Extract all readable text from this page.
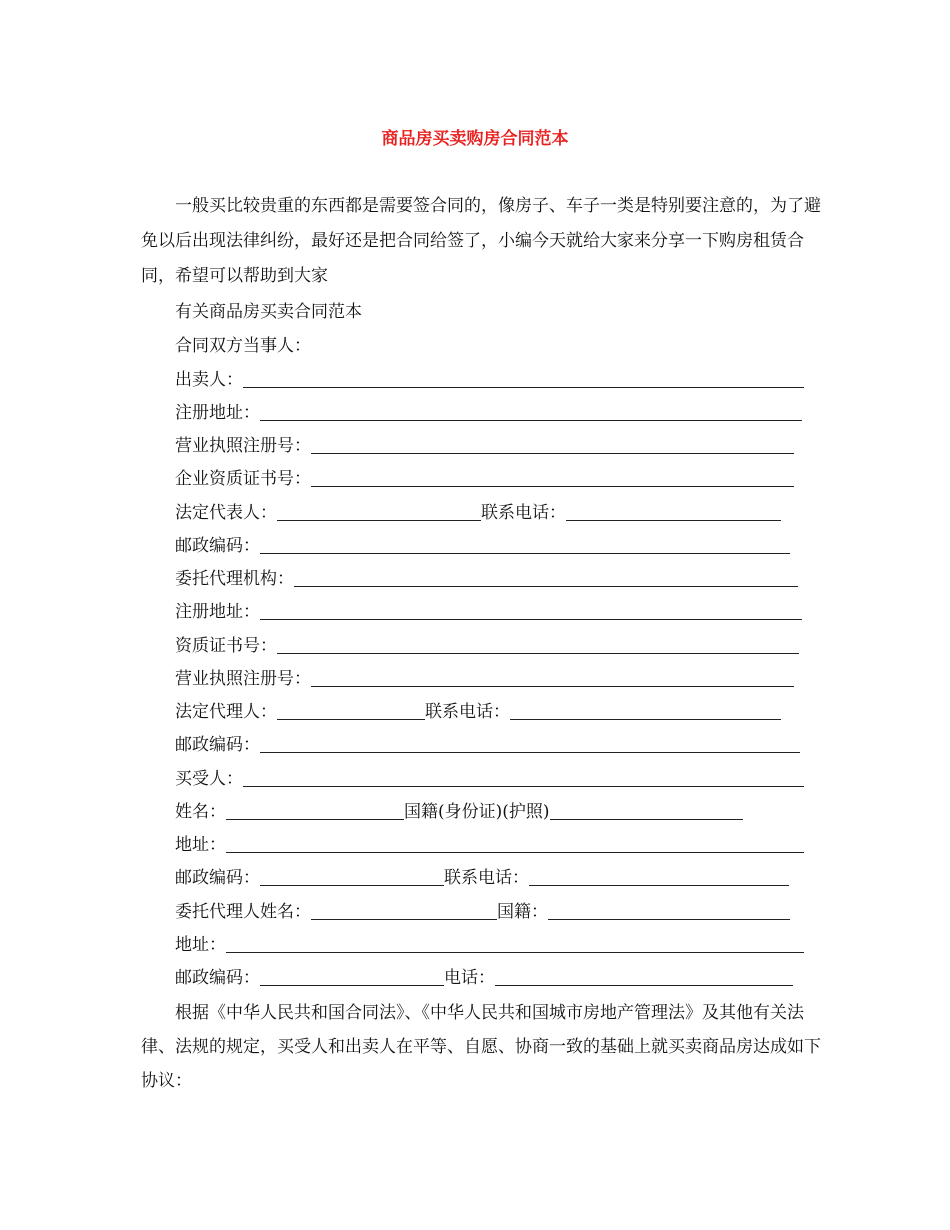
商品房买卖购房合同范本
一般买比较贵重的东西都是需要签合同的，像房子、车子一类是特别要注意的，为了避免以后出现法律纠纷，最好还是把合同给签了，小编今天就给大家来分享一下购房租赁合同，希望可以帮助到大家
有关商品房买卖合同范本
合同双方当事人：
出卖人：
注册地址：
营业执照注册号：
企业资质证书号：
法定代表人：	联系电话：
邮政编码：
委托代理机构：
注册地址：
资质证书号：
营业执照注册号：
法定代理人：	联系电话：
邮政编码：
买受人：
姓名：	国籍(身份证)(护照)
地址：
邮政编码：	联系电话：
委托代理人姓名：	国籍：
地址：
邮政编码：	电话：
根据《中华人民共和国合同法》、《中华人民共和国城市房地产管理法》及其他有关法律、法规的规定，买受人和出卖人在平等、自愿、协商一致的基础上就买卖商品房达成如下协议：
